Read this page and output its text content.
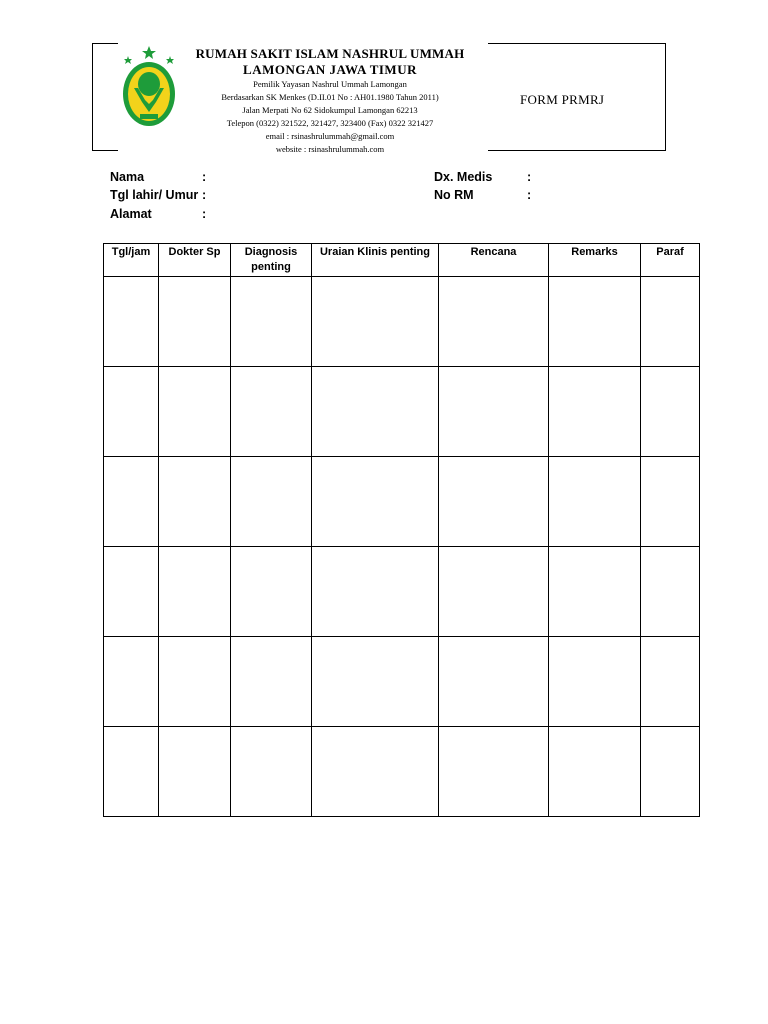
RUMAH SAKIT ISLAM NASHRUL UMMAH
LAMONGAN JAWA TIMUR
Pemilik Yayasan Nashrul Ummah Lamongan
Berdasarkan SK Menkes (D.II.01 No : AH01.1980 Tahun 2011)
Jalan Merpati No 62 Sidokumpul Lamongan 62213
Telepon (0322) 321522, 321427, 323400 (Fax) 0322 321427
email : rsinashrulummah@gmail.com
website : rsinashrulummah.com
FORM PRMRJ
Nama	:
Tgl lahir/ Umur :
Alamat	:
Dx. Medis	:
No RM	:
Tgl/jam	Dokter Sp	Diagnosis penting	Uraian Klinis penting	Rencana	Remarks	Paraf
